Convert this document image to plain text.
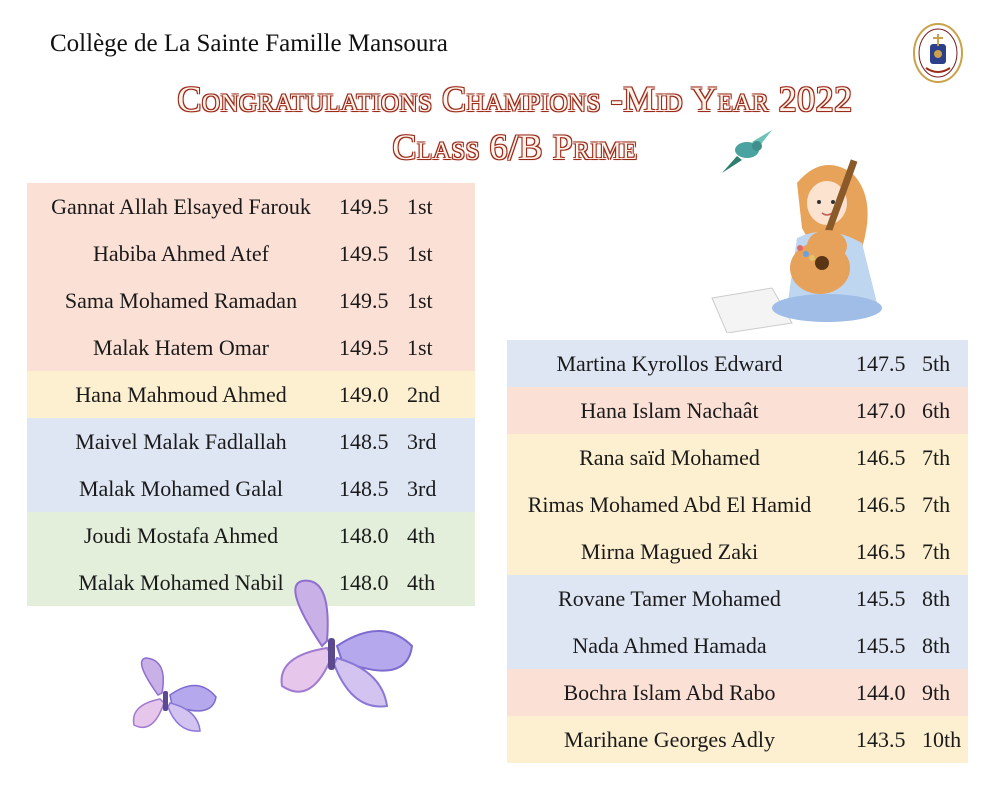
Collège de La Sainte Famille Mansoura
Congratulations Champions -Mid Year 2022
Class 6/B Prime
Gannat Allah Elsayed Farouk	149.5 1st
Habiba Ahmed Atef	149.5 1st
Sama Mohamed Ramadan	149.5 1st
Malak Hatem Omar	149.5 1st
Hana Mahmoud Ahmed	149.0 2nd
Maivel Malak Fadlallah	148.5 3rd
Malak Mohamed Galal	148.5 3rd
Joudi Mostafa Ahmed	148.0 4th
Malak Mohamed Nabil	148.0 4th
Martina Kyrollos Edward	147.5 5th
Hana Islam Nachaât	147.0 6th
Rana saïd Mohamed	146.5 7th
Rimas Mohamed Abd El Hamid	146.5 7th
Mirna Magued Zaki	146.5 7th
Rovane Tamer Mohamed	145.5 8th
Nada Ahmed Hamada	145.5 8th
Bochra Islam Abd Rabo	144.0 9th
Marihane Georges Adly	143.5 10th
